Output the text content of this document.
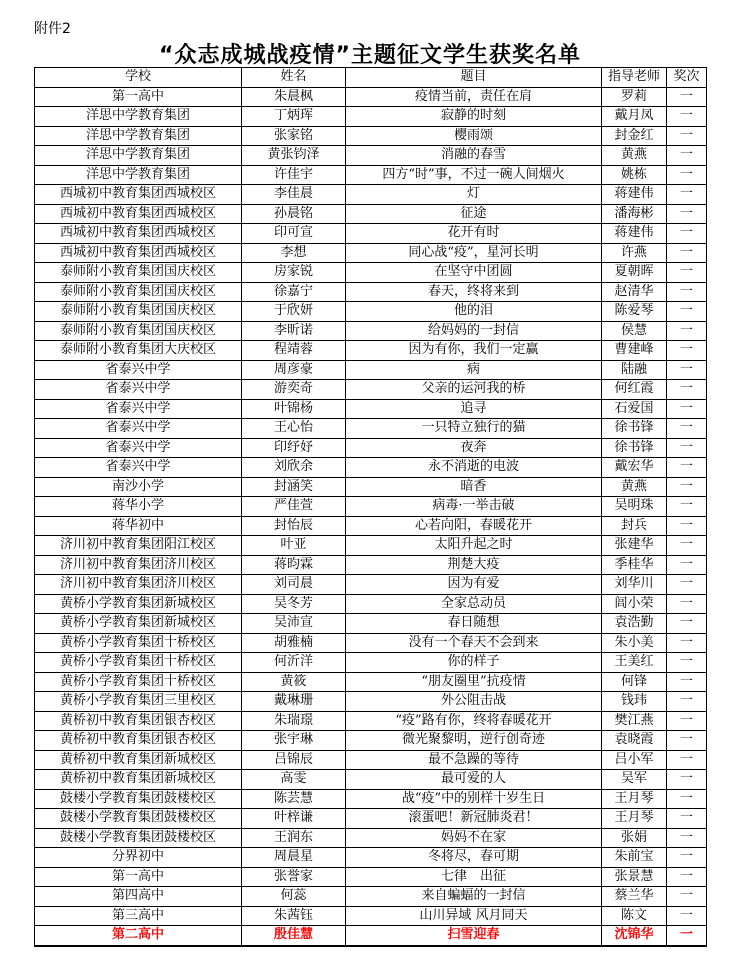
附件2
“众志成城战疫情”主题征文学生获奖名单
学校	姓名	题目	指导老师	奖次
第一高中	朱晨枫	疫情当前，责任在肩	罗莉	一
洋思中学教育集团	丁炳珲	寂静的时刻	戴月凤	一
洋思中学教育集团	张家铭	樱雨颂	封金红	一
洋思中学教育集团	黄张钧泽	消融的春雪	黄燕	一
洋思中学教育集团	许佳宇	四方“时”事，不过一碗人间烟火	姚栋	一
西城初中教育集团西城校区	李佳晨	灯	蒋建伟	一
西城初中教育集团西城校区	孙晨铭	征途	潘海彬	一
西城初中教育集团西城校区	印可宣	花开有时	蒋建伟	一
西城初中教育集团西城校区	李想	同心战“疫”，星河长明	许燕	一
泰师附小教育集团国庆校区	房家锐	在坚守中团圆	夏朝晖	一
泰师附小教育集团国庆校区	徐嘉宁	春天，终将来到	赵清华	一
泰师附小教育集团国庆校区	于欣妍	他的泪	陈爱琴	一
泰师附小教育集团国庆校区	李昕诺	给妈妈的一封信	侯慧	一
泰师附小教育集团大庆校区	程靖蓉	因为有你，我们一定赢	曹建峰	一
省泰兴中学	周彦豪	病	陆融	一
省泰兴中学	游奕奇	父亲的运河我的桥	何红霞	一
省泰兴中学	叶锦杨	追寻	石爱国	一
省泰兴中学	王心怡	一只特立独行的猫	徐书锋	一
省泰兴中学	印纾妤	夜奔	徐书锋	一
省泰兴中学	刘欣余	永不消逝的电波	戴宏华	一
南沙小学	封涵笑	暗香	黄燕	一
蒋华小学	严佳萱	病毒·一举击破	吴明珠	一
蒋华初中	封怡辰	心若向阳，春暖花开	封兵	一
济川初中教育集团阳江校区	叶亚	太阳升起之时	张建华	一
济川初中教育集团济川校区	蒋昀霖	荆楚大疫	季桂华	一
济川初中教育集团济川校区	刘司晨	因为有爱	刘华川	一
黄桥小学教育集团新城校区	吴冬芳	全家总动员	闾小荣	一
黄桥小学教育集团新城校区	吴沛宣	春日随想	袁浩勤	一
黄桥小学教育集团十桥校区	胡雅楠	没有一个春天不会到来	朱小美	一
黄桥小学教育集团十桥校区	何沂洋	你的样子	王美红	一
黄桥小学教育集团十桥校区	黄筱	“朋友圈里”抗疫情	何锋	一
黄桥小学教育集团三里校区	戴琳珊	外公阻击战	钱玮	一
黄桥初中教育集团银杏校区	朱瑞璟	“疫”路有你，终将春暖花开	樊江燕	一
黄桥初中教育集团银杏校区	张宇琳	微光聚黎明，逆行创奇迹	袁晓霞	一
黄桥初中教育集团新城校区	吕锦辰	最不急躁的等待	吕小军	一
黄桥初中教育集团新城校区	高雯	最可爱的人	吴军	一
鼓楼小学教育集团鼓楼校区	陈芸慧	战“疫”中的别样十岁生日	王月琴	一
鼓楼小学教育集团鼓楼校区	叶梓谦	滚蛋吧！新冠肺炎君！	王月琴	一
鼓楼小学教育集团鼓楼校区	王润东	妈妈不在家	张娟	一
分界初中	周晨星	冬将尽，春可期	朱前宝	一
第一高中	张誉家	七律　出征	张景慧	一
第四高中	何蕊	来自蝙蝠的一封信	蔡兰华	一
第三高中	朱茜钰	山川异域 风月同天	陈文	一
第二高中	殷佳慧	扫雪迎春	沈锦华	一
